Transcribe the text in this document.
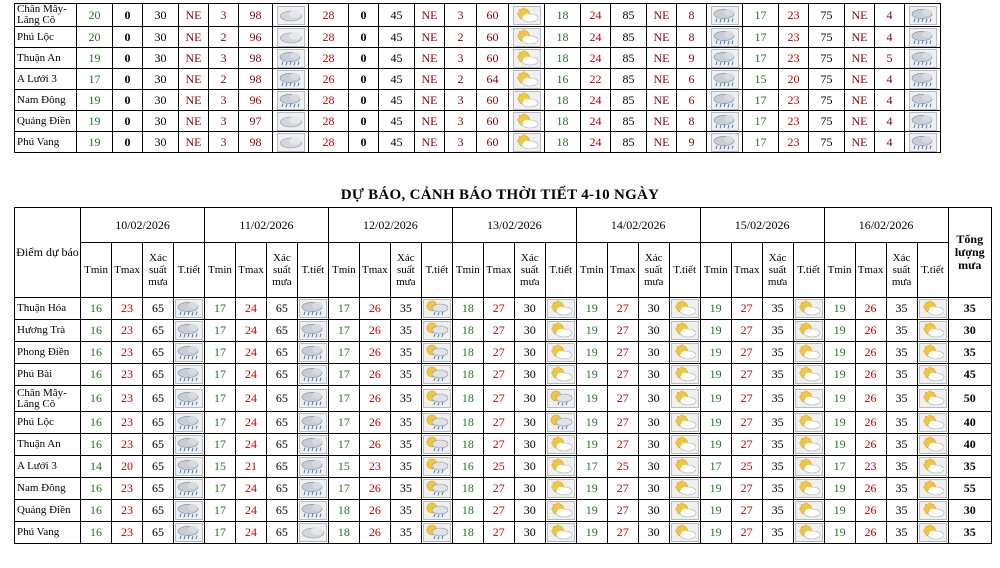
Chân Mây-Lăng Cô	20	0	30	NE	3	98		28	0	45	NE	3	60		18	24	85	NE	8		17	23	75	NE	4	

Phú Lộc	20	0	30	NE	2	96		28	0	45	NE	2	60		18	24	85	NE	8		17	23	75	NE	4	

Thuận An	19	0	30	NE	3	98		28	0	45	NE	3	60		18	24	85	NE	9		17	23	75	NE	5	

A Lưới 3	17	0	30	NE	2	98		26	0	45	NE	2	64		16	22	85	NE	6		15	20	75	NE	4	

Nam Đông	19	0	30	NE	3	96		28	0	45	NE	3	60		18	24	85	NE	6		17	23	75	NE	4	

Quảng Điền	19	0	30	NE	3	97		28	0	45	NE	3	60		18	24	85	NE	8		17	23	75	NE	4	

Phú Vang	19	0	30	NE	3	98		28	0	45	NE	3	60		18	24	85	NE	9		17	23	75	NE	4	
DỰ BÁO, CẢNH BÁO THỜI TIẾT 4-10 NGÀY
Điểm dự báo	10/02/2026				11/02/2026				12/02/2026				13/02/2026				14/02/2026				15/02/2026				16/02/2026				Tổng lượng mưa
	Tmin	Tmax	Xác suất mưa	T.tiết	Tmin	Tmax	Xác suất mưa	T.tiết	Tmin	Tmax	Xác suất mưa	T.tiết	Tmin	Tmax	Xác suất mưa	T.tiết	Tmin	Tmax	Xác suất mưa	T.tiết	Tmin	Tmax	Xác suất mưa	T.tiết	Tmin	Tmax	Xác suất mưa	T.tiết	
Thuận Hóa	16	23	65		17	24	65		17	26	35		18	27	30		19	27	30		19	27	35		19	26	35		35
Hương Trà	16	23	65		17	24	65		17	26	35		18	27	30		19	27	30		19	27	35		19	26	35		30
Phong Điền	16	23	65		17	24	65		17	26	35		18	27	30		19	27	30		19	27	35		19	26	35		35
Phú Bài	16	23	65		17	24	65		17	26	35		18	27	30		19	27	30		19	27	35		19	26	35		45
Chân Mây-Lăng Cô	16	23	65		17	24	65		17	26	35		18	27	30		19	27	30		19	27	35		19	26	35		50
Phú Lộc	16	23	65		17	24	65		17	26	35		18	27	30		19	27	30		19	27	35		19	26	35		40
Thuận An	16	23	65		17	24	65		17	26	35		18	27	30		19	27	30		19	27	35		19	26	35		40
A Lưới 3	14	20	65		15	21	65		15	23	35		16	25	30		17	25	30		17	25	35		17	23	35		35
Nam Đông	16	23	65		17	24	65		17	26	35		18	27	30		19	27	30		19	27	35		19	26	35		55
Quảng Điền	16	23	65		17	24	65		18	26	35		18	27	30		19	27	30		19	27	35		19	26	35		30
Phú Vang	16	23	65		17	24	65		18	26	35		18	27	30		19	27	30		19	27	35		19	26	35		35
